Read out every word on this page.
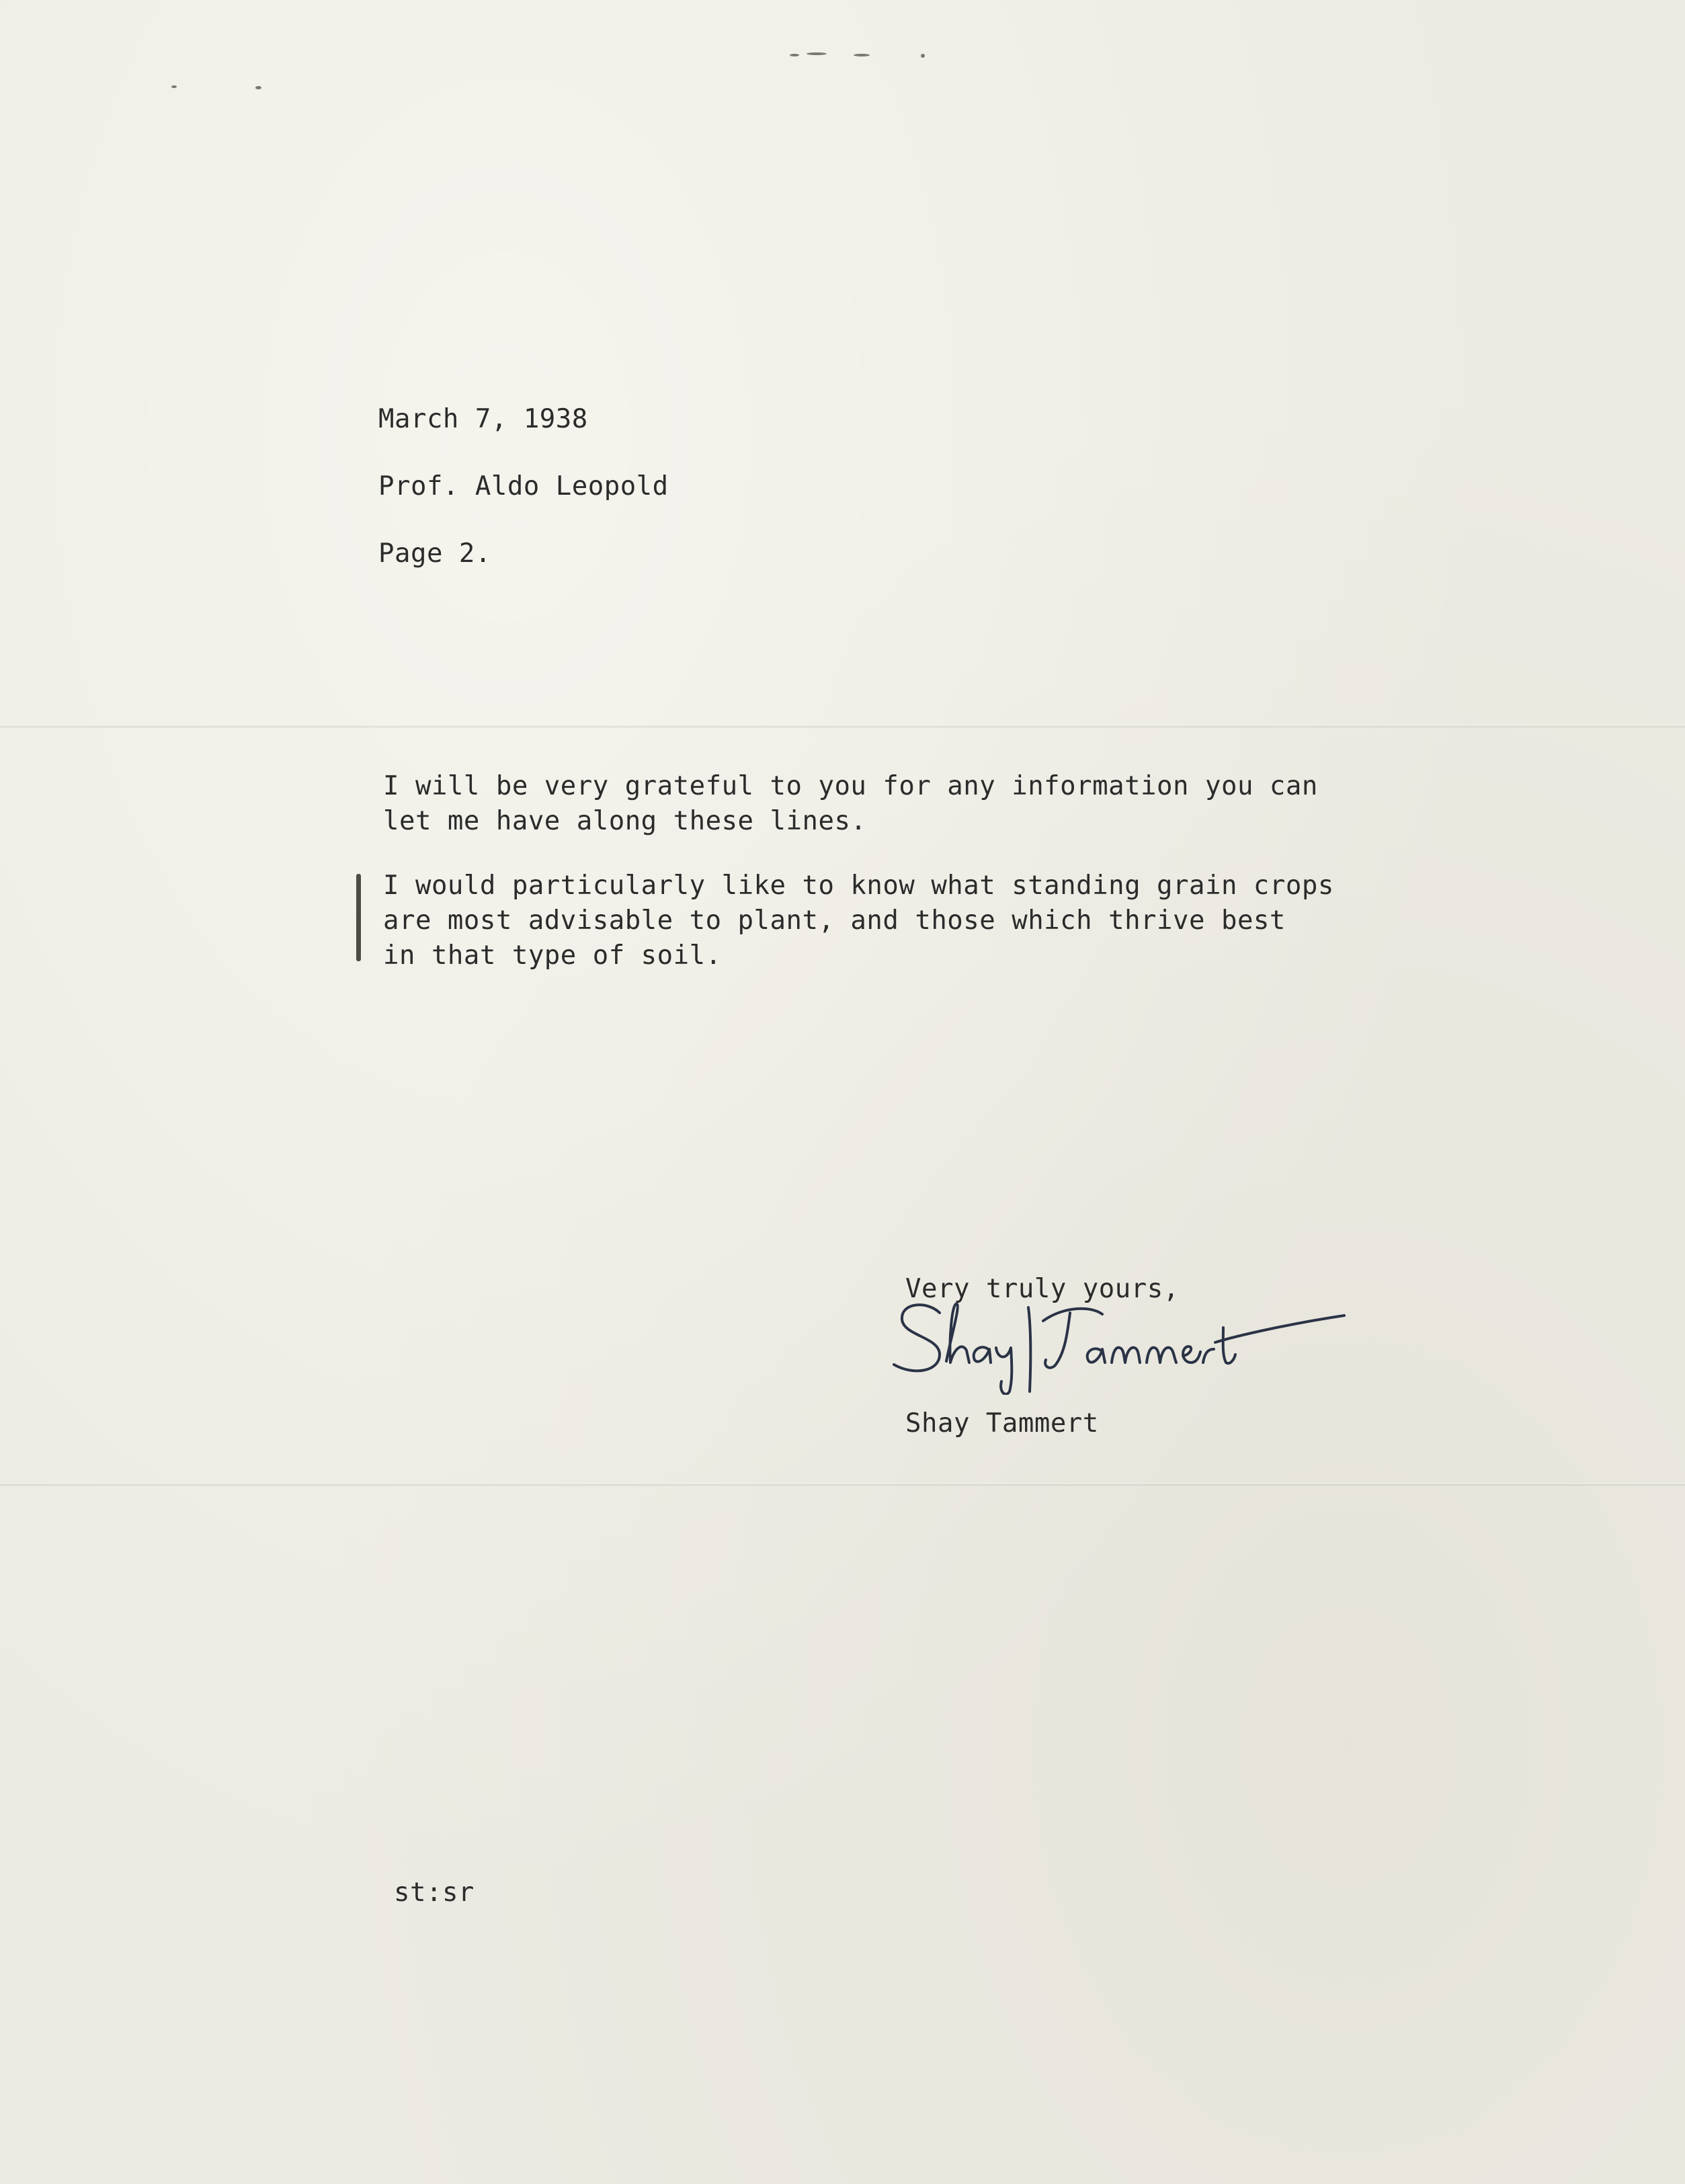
March 7, 1938
Prof. Aldo Leopold
Page 2.
I will be very grateful to you for any information you can
let me have along these lines.
I would particularly like to know what standing grain crops
are most advisable to plant, and those which thrive best
in that type of soil.
Very truly yours,
Shay Tammert
st:sr
